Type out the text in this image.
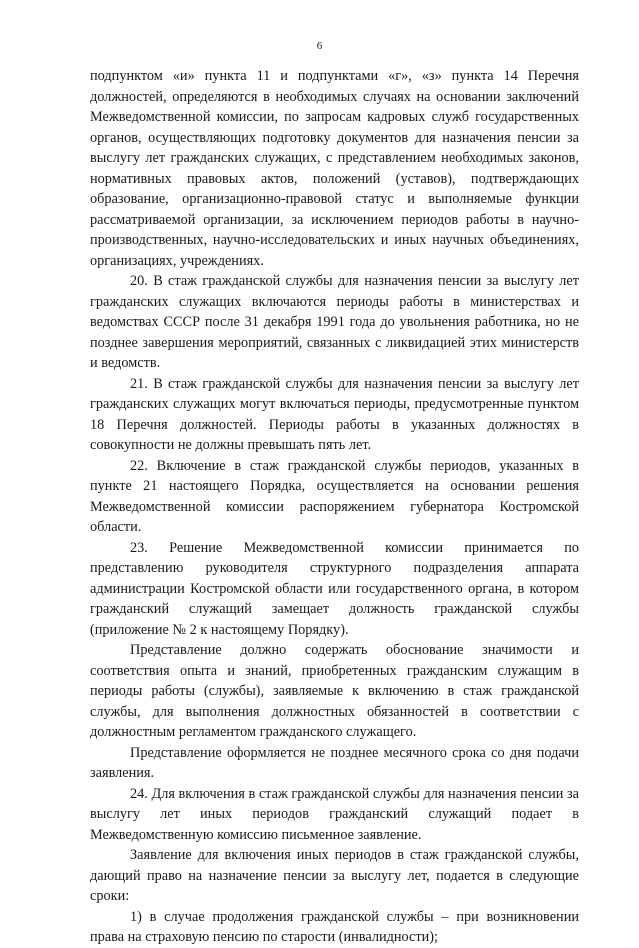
6

подпунктом «и» пункта 11 и подпунктами «г», «з» пункта 14 Перечня должностей, определяются в необходимых случаях на основании заключений Межведомственной комиссии, по запросам кадровых служб государственных органов, осуществляющих подготовку документов для назначения пенсии за выслугу лет гражданских служащих, с представлением необходимых законов, нормативных правовых актов, положений (уставов), подтверждающих образование, организационно-правовой статус и выполняемые функции рассматриваемой организации, за исключением периодов работы в научно-производственных, научно-исследовательских и иных научных объединениях, организациях, учреждениях.

20. В стаж гражданской службы для назначения пенсии за выслугу лет гражданских служащих включаются периоды работы в министерствах и ведомствах СССР после 31 декабря 1991 года до увольнения работника, но не позднее завершения мероприятий, связанных с ликвидацией этих министерств и ведомств.

21. В стаж гражданской службы для назначения пенсии за выслугу лет гражданских служащих могут включаться периоды, предусмотренные пунктом 18 Перечня должностей. Периоды работы в указанных должностях в совокупности не должны превышать пять лет.

22. Включение в стаж гражданской службы периодов, указанных в пункте 21 настоящего Порядка, осуществляется на основании решения Межведомственной комиссии распоряжением губернатора Костромской области.

23. Решение Межведомственной комиссии принимается по представлению руководителя структурного подразделения аппарата администрации Костромской области или государственного органа, в котором гражданский служащий замещает должность гражданской службы (приложение № 2 к настоящему Порядку).

Представление должно содержать обоснование значимости и соответствия опыта и знаний, приобретенных гражданским служащим в периоды работы (службы), заявляемые к включению в стаж гражданской службы, для выполнения должностных обязанностей в соответствии с должностным регламентом гражданского служащего.

Представление оформляется не позднее месячного срока со дня подачи заявления.

24. Для включения в стаж гражданской службы для назначения пенсии за выслугу лет иных периодов гражданский служащий подает в Межведомственную комиссию письменное заявление.

Заявление для включения иных периодов в стаж гражданской службы, дающий право на назначение пенсии за выслугу лет, подается в следующие сроки:

1) в случае продолжения гражданской службы – при возникновении права на страховую пенсию по старости (инвалидности);
